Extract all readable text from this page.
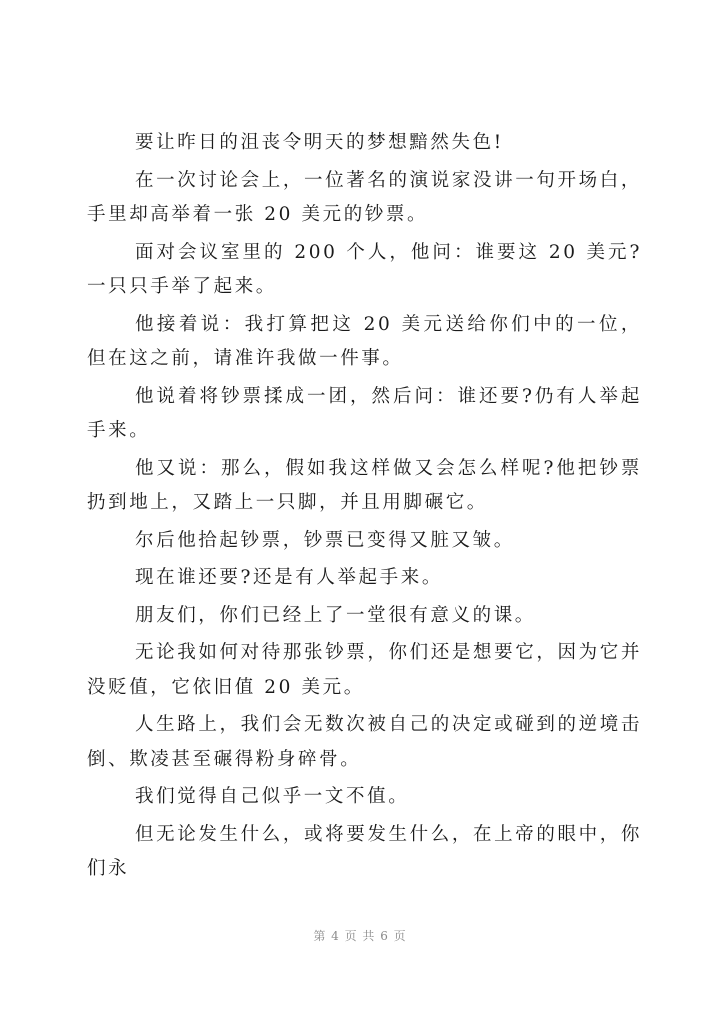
要让昨日的沮丧令明天的梦想黯然失色!

在一次讨论会上，一位著名的演说家没讲一句开场白，手里却高举着一张 20 美元的钞票。

面对会议室里的 200 个人，他问：谁要这 20 美元?一只只手举了起来。

他接着说：我打算把这 20 美元送给你们中的一位，但在这之前，请准许我做一件事。

他说着将钞票揉成一团，然后问：谁还要?仍有人举起手来。

他又说：那么，假如我这样做又会怎么样呢?他把钞票扔到地上，又踏上一只脚，并且用脚碾它。

尔后他拾起钞票，钞票已变得又脏又皱。

现在谁还要?还是有人举起手来。

朋友们，你们已经上了一堂很有意义的课。

无论我如何对待那张钞票，你们还是想要它，因为它并没贬值，它依旧值 20 美元。

人生路上，我们会无数次被自己的决定或碰到的逆境击倒、欺凌甚至碾得粉身碎骨。

我们觉得自己似乎一文不值。

但无论发生什么，或将要发生什么，在上帝的眼中，你们永

第 4 页 共 6 页
